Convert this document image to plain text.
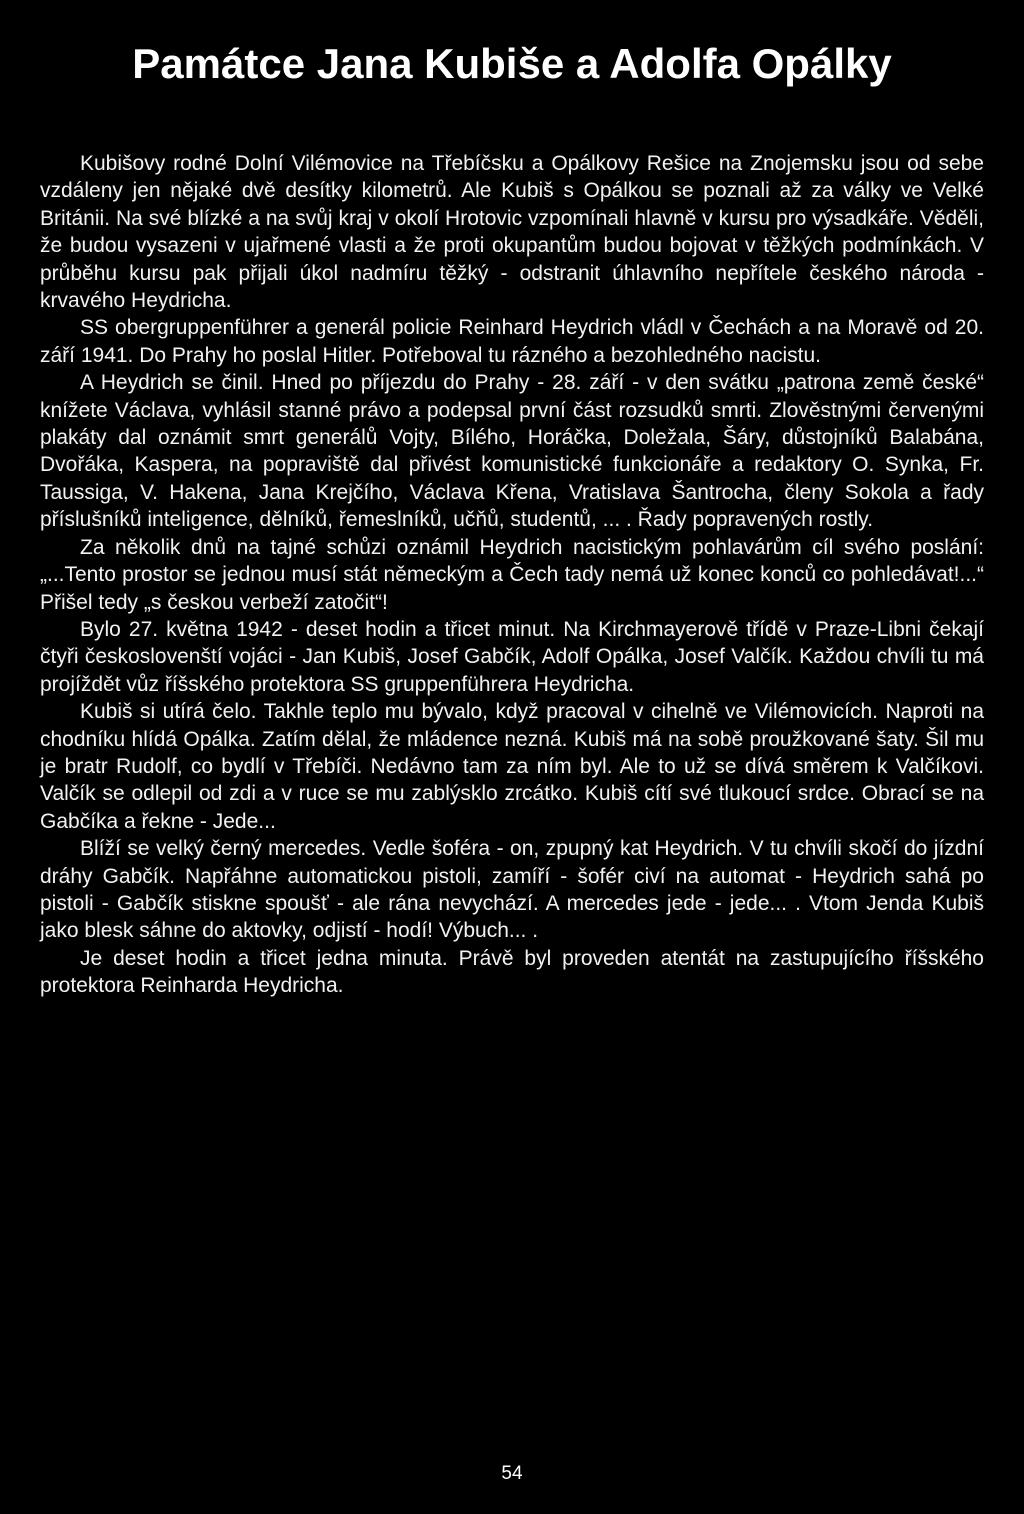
Památce Jana Kubiše a Adolfa Opálky

Kubišovy rodné Dolní Vilémovice na Třebíčsku a Opálkovy Rešice na Znojemsku jsou od sebe vzdáleny jen nějaké dvě desítky kilometrů. Ale Kubiš s Opálkou se poznali až za války ve Velké Británii. Na své blízké a na svůj kraj v okolí Hrotovic vzpomínali hlavně v kursu pro výsadkáře. Věděli, že budou vysazeni v ujařmené vlasti a že proti okupantům budou bojovat v těžkých podmínkách. V průběhu kursu pak přijali úkol nadmíru těžký - odstranit úhlavního nepřítele českého národa - krvavého Heydricha.

SS obergruppenführer a generál policie Reinhard Heydrich vládl v Čechách a na Moravě od 20. září 1941. Do Prahy ho poslal Hitler. Potřeboval tu rázného a bezohledného nacistu.

A Heydrich se činil. Hned po příjezdu do Prahy - 28. září - v den svátku „patrona země české“ knížete Václava, vyhlásil stanné právo a podepsal první část rozsudků smrti. Zlověstnými červenými plakáty dal oznámit smrt generálů Vojty, Bílého, Horáčka, Doležala, Šáry, důstojníků Balabána, Dvořáka, Kaspera, na popraviště dal přivést komunistické funkcionáře a redaktory O. Synka, Fr. Taussiga, V. Hakena, Jana Krejčího, Václava Křena, Vratislava Šantrocha, členy Sokola a řady příslušníků inteligence, dělníků, řemeslníků, učňů, studentů, ... . Řady popravených rostly.

Za několik dnů na tajné schůzi oznámil Heydrich nacistickým pohlavárům cíl svého poslání: „...Tento prostor se jednou musí stát německým a Čech tady nemá už konec konců co pohledávat!...“ Přišel tedy „s českou verbeží zatočit“!

Bylo 27. května 1942 - deset hodin a třicet minut. Na Kirchmayerově třídě v Praze-Libni čekají čtyři českoslovenští vojáci - Jan Kubiš, Josef Gabčík, Adolf Opálka, Josef Valčík. Každou chvíli tu má projíždět vůz říšského protektora SS gruppenführera Heydricha.

Kubiš si utírá čelo. Takhle teplo mu bývalo, když pracoval v cihelně ve Vilémovicích. Naproti na chodníku hlídá Opálka. Zatím dělal, že mládence nezná. Kubiš má na sobě proužkované šaty. Šil mu je bratr Rudolf, co bydlí v Třebíči. Nedávno tam za ním byl. Ale to už se dívá směrem k Valčíkovi. Valčík se odlepil od zdi a v ruce se mu zablýsklo zrcátko. Kubiš cítí své tlukoucí srdce. Obrací se na Gabčíka a řekne - Jede...

Blíží se velký černý mercedes. Vedle šoféra - on, zpupný kat Heydrich. V tu chvíli skočí do jízdní dráhy Gabčík. Napřáhne automatickou pistoli, zamíří - šofér civí na automat - Heydrich sahá po pistoli - Gabčík stiskne spoušť - ale rána nevychází. A mercedes jede - jede... . Vtom Jenda Kubiš jako blesk sáhne do aktovky, odjistí - hodí! Výbuch... .

Je deset hodin a třicet jedna minuta. Právě byl proveden atentát na zastupujícího říšského protektora Reinharda Heydricha.

54
